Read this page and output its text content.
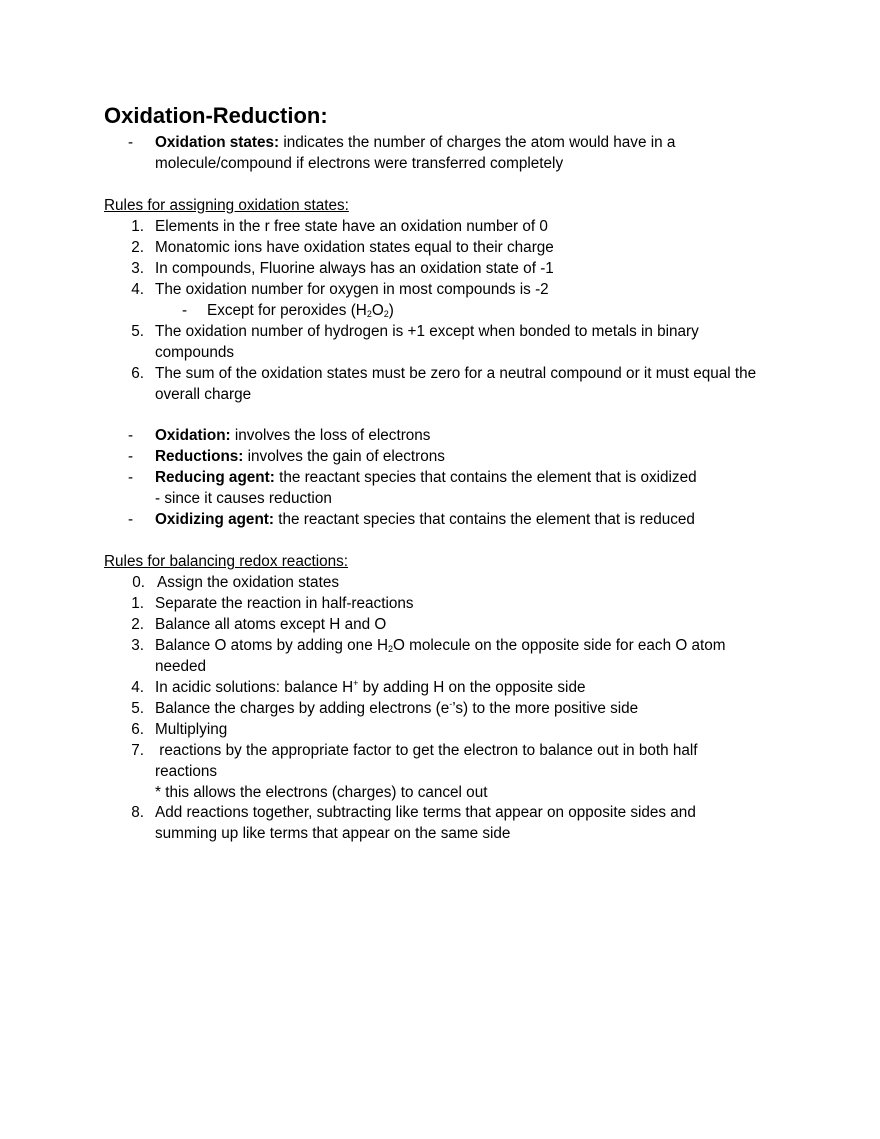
Oxidation-Reduction:
- Oxidation states: indicates the number of charges the atom would have in a
molecule/compound if electrons were transferred completely
Rules for assigning oxidation states:
1. Elements in the r free state have an oxidation number of 0
2. Monatomic ions have oxidation states equal to their charge
3. In compounds, Fluorine always has an oxidation state of -1
4. The oxidation number for oxygen in most compounds is -2
- Except for peroxides $(H_2O_2)$
5. The oxidation number of hydrogen is +1 except when bonded to metals in binary
compounds
6. The sum of the oxidation states must be zero for a neutral compound or it must equal the
overall charge
- Oxidation: involves the loss of electrons
- Reductions: involves the gain of electrons
- Reducing agent: the reactant species that contains the element that is oxidized
- since it causes reduction
- Oxidizing agent: the reactant species that contains the element that is reduced
Rules for balancing redox reactions:
0. Assign the oxidation states
1. Separate the reaction in half-reactions
2. Balance all atoms except H and O
3. Balance O atoms by adding one $H_2O$ molecule on the opposite side for each O atom
needed
4. In acidic solutions: balance H+ by adding H on the opposite side
5. Balance the charges by adding electrons (e-’s) to the more positive side
6. Multiplying
7. reactions by the appropriate factor to get the electron to balance out in both half
reactions
* this allows the electrons (charges) to cancel out
8. Add reactions together, subtracting like terms that appear on opposite sides and
summing up like terms that appear on the same side
